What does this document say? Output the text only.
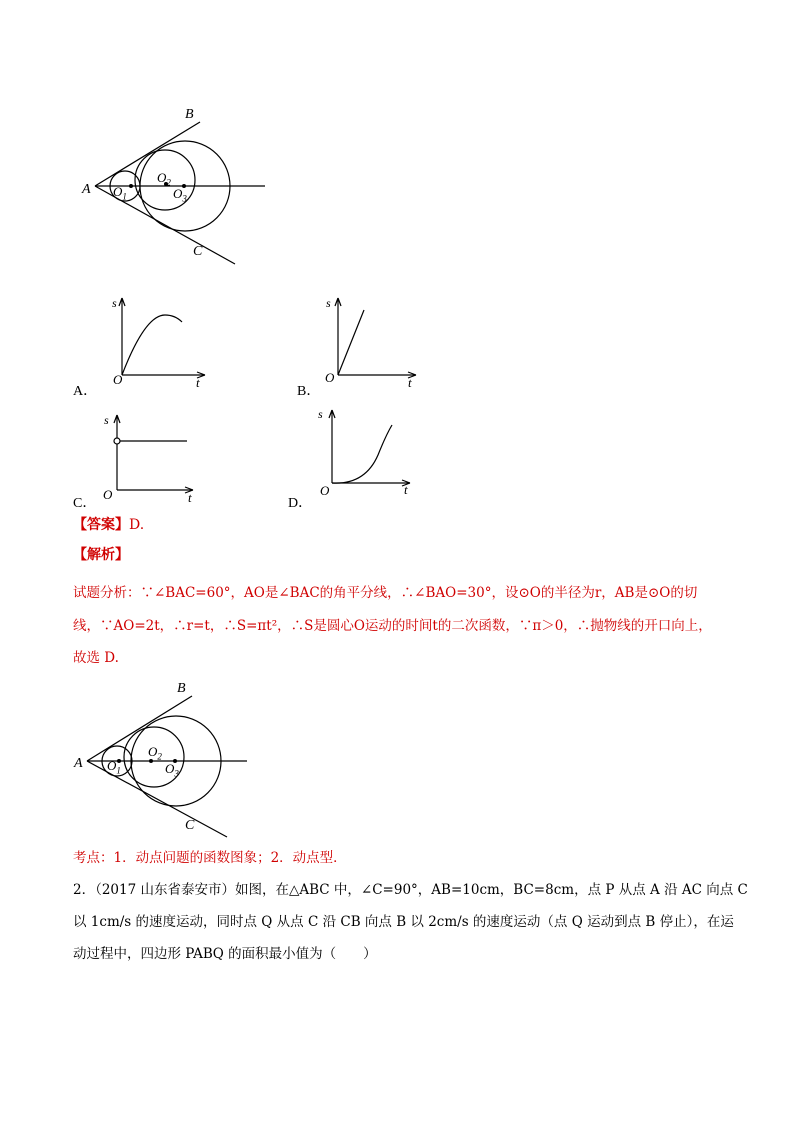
A
B
C
$O_1$
$O_2$
$O_3$
A．
s
t
O
B．
s
t
O
C．
s
t
O
D．
s
t
O
【答案】D.
【解析】
试题分析：∵∠BAC=60°，AO是∠BAC的角平分线，∴∠BAO=30°，设⊙O的半径为r，AB是⊙O的切
线，∵AO=2t，∴r=t，∴S=πt²，∴S是圆心O运动的时间t的二次函数，∵π＞0，∴抛物线的开口向上，
故选 D.
A
B
C
$O_1$
$O_2$
$O_3$
考点：1．动点问题的函数图象；2．动点型．
2．（2017 山东省泰安市）如图，在△ABC 中，∠C=90°，AB=10cm，BC=8cm，点 P 从点 A 沿 AC 向点 C
以 1cm/s 的速度运动，同时点 Q 从点 C 沿 CB 向点 B 以 2cm/s 的速度运动（点 Q 运动到点 B 停止），在运
动过程中，四边形 PABQ 的面积最小值为（　　）
